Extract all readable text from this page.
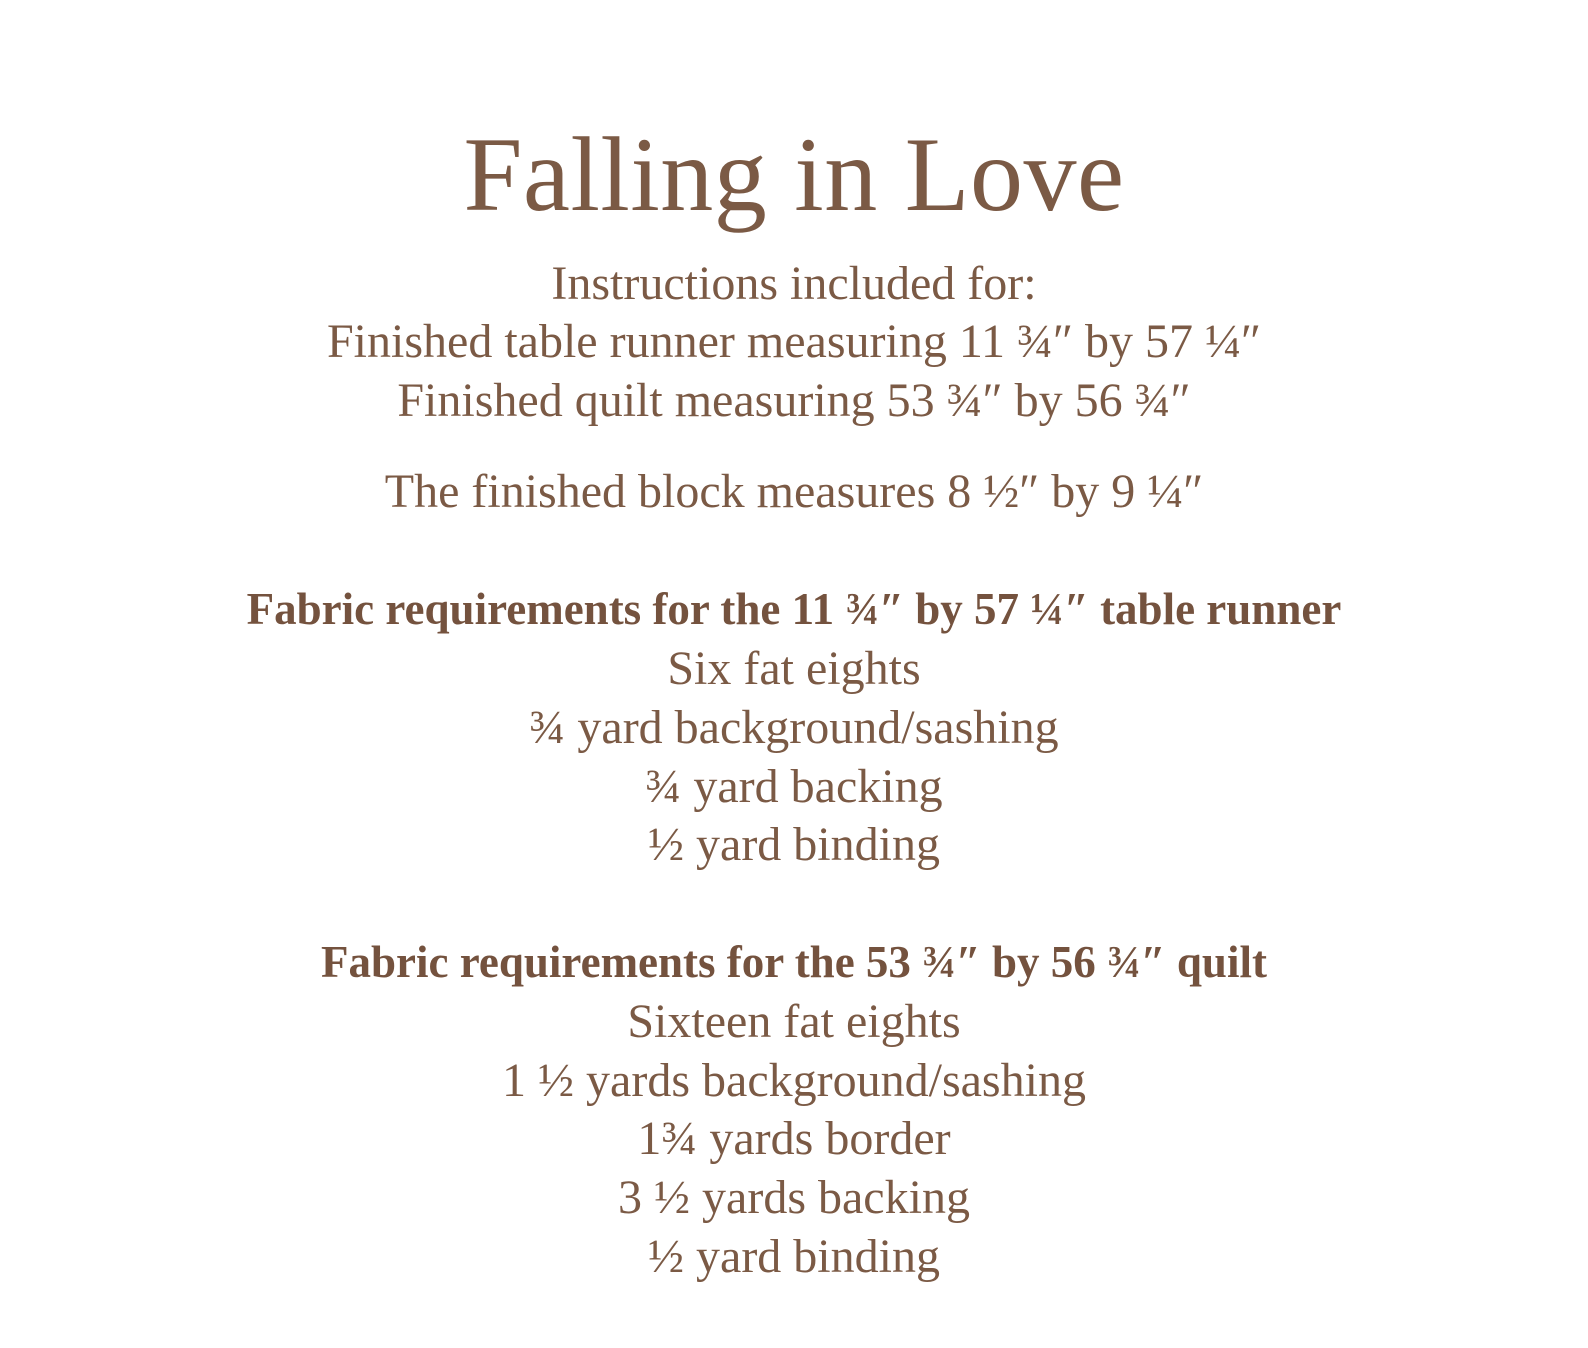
Falling in Love
Instructions included for:
Finished table runner measuring 11 ¾″ by 57 ¼″
Finished quilt measuring 53 ¾″ by 56 ¾″
The finished block measures 8 ½″ by 9 ¼″
Fabric requirements for the 11 ¾″ by 57 ¼″ table runner
Six fat eights
¾ yard background/sashing
¾ yard backing
½ yard binding
Fabric requirements for the 53 ¾″ by 56 ¾″ quilt
Sixteen fat eights
1 ½ yards background/sashing
1¾ yards border
3 ½ yards backing
½ yard binding
